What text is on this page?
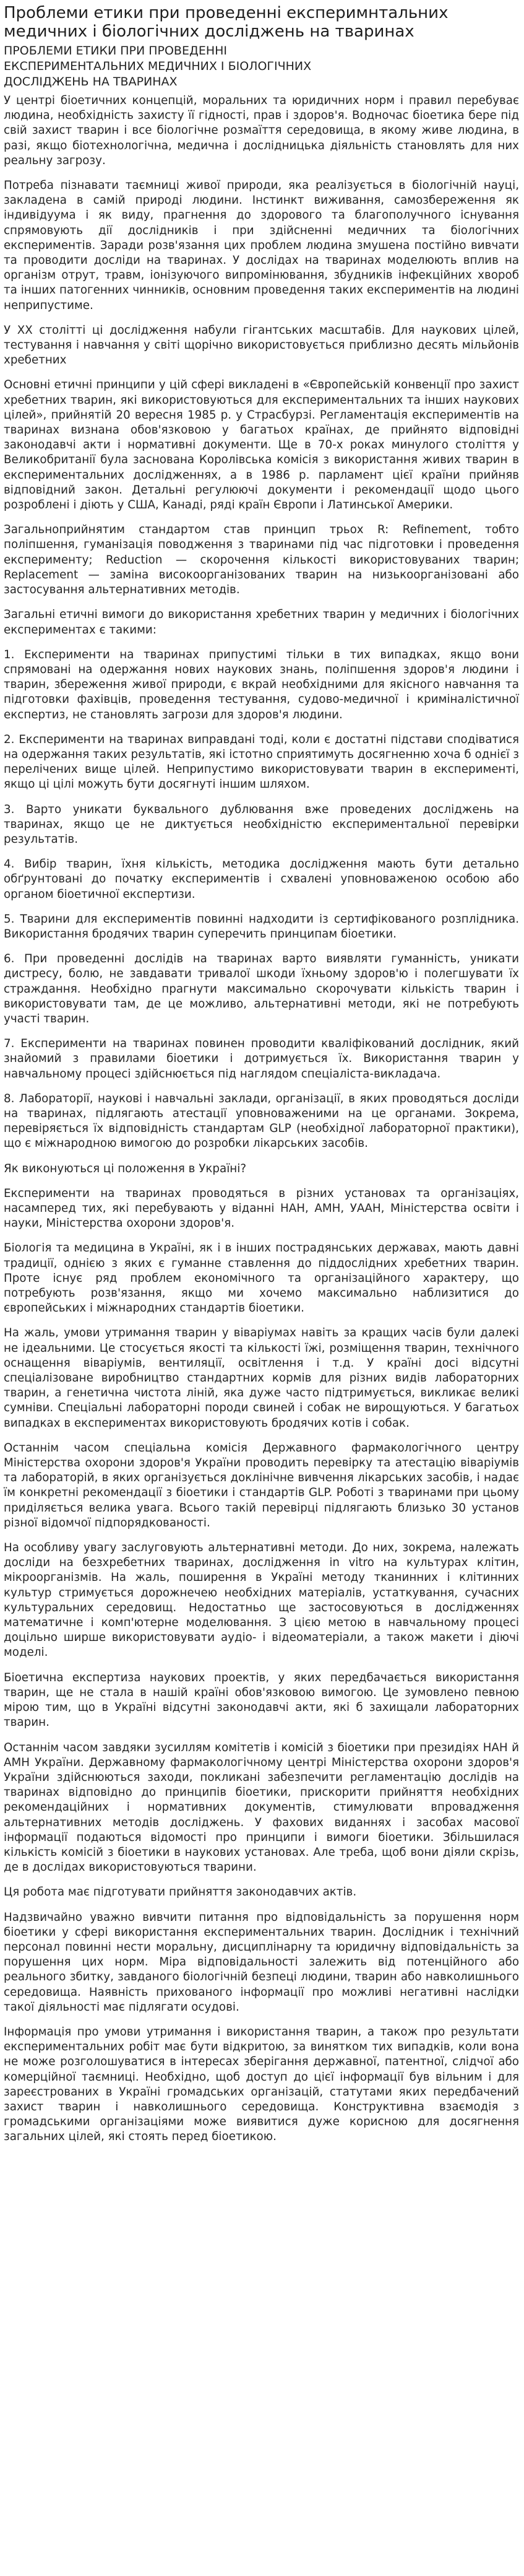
Проблеми етики при проведенні експеримнтальних медичних і біологічних досліджень на тваринах
ПРОБЛЕМИ ЕТИКИ ПРИ ПРОВЕДЕННІ ЕКСПЕРИМЕНТАЛЬНИХ МЕДИЧНИХ І БІОЛОГІЧНИХ ДОСЛІДЖЕНЬ НА ТВАРИНАХ

У центрі біоетичних концепцій, моральних та юридичних норм і правил перебуває людина, необхідність захисту її гідності, прав і здоров'я. Водночас біоетика бере під свій захист тварин і все біологічне розмаїття середовища, в якому живе людина, в разі, якщо біотехнологічна, медична і дослідницька діяльність становлять для них реальну загрозу.

Потреба пізнавати таємниці живої природи, яка реалізується в біологічній науці, закладена в самій природі людини. Інстинкт виживання, самозбереження як індивідуума і як виду, прагнення до здорового та благополучного існування спрямовують дії дослідників і при здійсненні медичних та біологічних експериментів. Заради розв'язання цих проблем людина змушена постійно вивчати та проводити досліди на тваринах. У дослідах на тваринах моделюють вплив на організм отрут, травм, іонізуючого випромінювання, збудників інфекційних хвороб та інших патогенних чинників, основним проведення таких експериментів на людині неприпустиме.

У ХХ столітті ці дослідження набули гігантських масштабів. Для наукових цілей, тестування і навчання у світі щорічно використовується приблизно десять мільйонів хребетних

Основні етичні принципи у цій сфері викладені в «Європейській конвенції про захист хребетних тварин, які використовуються для експериментальних та інших наукових цілей», прийнятій 20 вересня 1985 р. у Страсбурзі. Регламентація експериментів на тваринах визнана обов'язковою у багатьох країнах, де прийнято відповідні законодавчі акти і нормативні документи. Ще в 70-х роках минулого століття у Великобританії була заснована Королівська комісія з використання живих тварин в експериментальних дослідженнях, а в 1986 р. парламент цієї країни прийняв відповідний закон. Детальні регулюючі документи і рекомендації щодо цього розроблені і діють у США, Канаді, ряді країн Європи і Латинської Америки.

Загальноприйнятим стандартом став принцип трьох R: Refinement, тобто поліпшення, гуманізація поводження з тваринами під час підготовки і проведення експерименту; Reduction — скорочення кількості використовуваних тварин; Replacement — заміна високоорганізованих тварин на низькоорганізовані або застосування альтернативних методів.

Загальні етичні вимоги до використання хребетних тварин у медичних і біологічних експериментах є такими:

1. Експерименти на тваринах припустимі тільки в тих випадках, якщо вони спрямовані на одержання нових наукових знань, поліпшення здоров'я людини і тварин, збереження живої природи, є вкрай необхідними для якісного навчання та підготовки фахівців, проведення тестування, судово-медичної і криміналістичної експертиз, не становлять загрози для здоров'я людини.

2. Експерименти на тваринах виправдані тоді, коли є достатні підстави сподіватися на одержання таких результатів, які істотно сприятимуть досягненню хоча б однієї з перелічених вище цілей. Неприпустимо використовувати тварин в експерименті, якщо ці цілі можуть бути досягнуті іншим шляхом.

3. Варто уникати буквального дублювання вже проведених досліджень на тваринах, якщо це не диктується необхідністю експериментальної перевірки результатів.

4. Вибір тварин, їхня кількість, методика дослідження мають бути детально обґрунтовані до початку експериментів і схвалені уповноваженою особою або органом біоетичної експертизи.

5. Тварини для експериментів повинні надходити із сертифікованого розплідника. Використання бродячих тварин суперечить принципам біоетики.

6. При проведенні дослідів на тваринах варто виявляти гуманність, уникати дистресу, болю, не завдавати тривалої шкоди їхньому здоров'ю і полегшувати їх страждання. Необхідно прагнути максимально скорочувати кількість тварин і використовувати там, де це можливо, альтернативні методи, які не потребують участі тварин.

7. Експерименти на тваринах повинен проводити кваліфікований дослідник, який знайомий з правилами біоетики і дотримується їх. Використання тварин у навчальному процесі здійснюється під наглядом спеціаліста-викладача.

8. Лабораторії, наукові і навчальні заклади, організації, в яких проводяться досліди на тваринах, підлягають атестації уповноваженими на це органами. Зокрема, перевіряється їх відповідність стандартам GLP (необхідної лабораторної практики), що є міжнародною вимогою до розробки лікарських засобів.

Як виконуються ці положення в Україні?

Експерименти на тваринах проводяться в різних установах та організаціях, насамперед тих, які перебувають у віданні НАН, АМН, УААН, Міністерства освіти і науки, Міністерства охорони здоров'я.

Біологія та медицина в Україні, як і в інших пострадянських державах, мають давні традиції, однією з яких є гуманне ставлення до піддослідних хребетних тварин. Проте існує ряд проблем економічного та організаційного характеру, що потребують розв'язання, якщо ми хочемо максимально наблизитися до європейських і міжнародних стандартів біоетики.

На жаль, умови утримання тварин у віваріумах навіть за кращих часів були далекі не ідеальними. Це стосується якості та кількості їжі, розміщення тварин, технічного оснащення віваріумів, вентиляції, освітлення і т.д. У країні досі відсутні спеціалізоване виробництво стандартних кормів для різних видів лабораторних тварин, а генетична чистота ліній, яка дуже часто підтримується, викликає великі сумніви. Спеціальні лабораторні породи свиней і собак не вирощуються. У багатьох випадках в експериментах використовують бродячих котів і собак.

Останнім часом спеціальна комісія Державного фармакологічного центру Міністерства охорони здоров'я України проводить перевірку та атестацію віваріумів та лабораторій, в яких організується доклінічне вивчення лікарських засобів, і надає їм конкретні рекомендації з біоетики і стандартів GLP. Роботі з тваринами при цьому приділяється велика увага. Всього такій перевірці підлягають близько 30 установ різної відомчої підпорядкованості.

На особливу увагу заслуговують альтернативні методи. До них, зокрема, належать досліди на безхребетних тваринах, дослідження in vitro на культурах клітин, мікроорганізмів. На жаль, поширення в Україні методу тканинних і клітинних культур стримується дорожнечею необхідних матеріалів, устаткування, сучасних культуральних середовищ. Недостатньо ще застосовуються в дослідженнях математичне і комп'ютерне моделювання. З цією метою в навчальному процесі доцільно ширше використовувати аудіо- і відеоматеріали, а також макети і діючі моделі.

Біоетична експертиза наукових проектів, у яких передбачається використання тварин, ще не стала в нашій країні обов'язковою вимогою. Це зумовлено певною мірою тим, що в Україні відсутні законодавчі акти, які б захищали лабораторних тварин.

Останнім часом завдяки зусиллям комітетів і комісій з біоетики при президіях НАН й АМН України. Державному фармакологічному центрі Міністерства охорони здоров'я України здійснюються заходи, покликані забезпечити регламентацію дослідів на тваринах відповідно до принципів біоетики, прискорити прийняття необхідних рекомендаційних і нормативних документів, стимулювати впровадження альтернативних методів досліджень. У фахових виданнях і засобах масової інформації подаються відомості про принципи і вимоги біоетики. Збільшилася кількість комісій з біоетики в наукових установах. Але треба, щоб вони діяли скрізь, де в дослідах використовуються тварини.

Ця робота має підготувати прийняття законодавчих актів.

Надзвичайно уважно вивчити питання про відповідальність за порушення норм біоетики у сфері використання експериментальних тварин. Дослідник і технічний персонал повинні нести моральну, дисциплінарну та юридичну відповідальність за порушення цих норм. Міра відповідальності залежить від потенційного або реального збитку, завданого біологічній безпеці людини, тварин або навколишнього середовища. Наявність прихованого інформації про можливі негативні наслідки такої діяльності має підлягати осудові.

Інформація про умови утримання і використання тварин, а також про результати експериментальних робіт має бути відкритою, за винятком тих випадків, коли вона не може розголошуватися в інтересах зберігання державної, патентної, слідчої або комерційної таємниці. Необхідно, щоб доступ до цієї інформації був вільним і для зареєстрованих в Україні громадських організацій, статутами яких передбачений захист тварин і навколишнього середовища. Конструктивна взаємодія з громадськими організаціями може виявитися дуже корисною для досягнення загальних цілей, які стоять перед біоетикою.
